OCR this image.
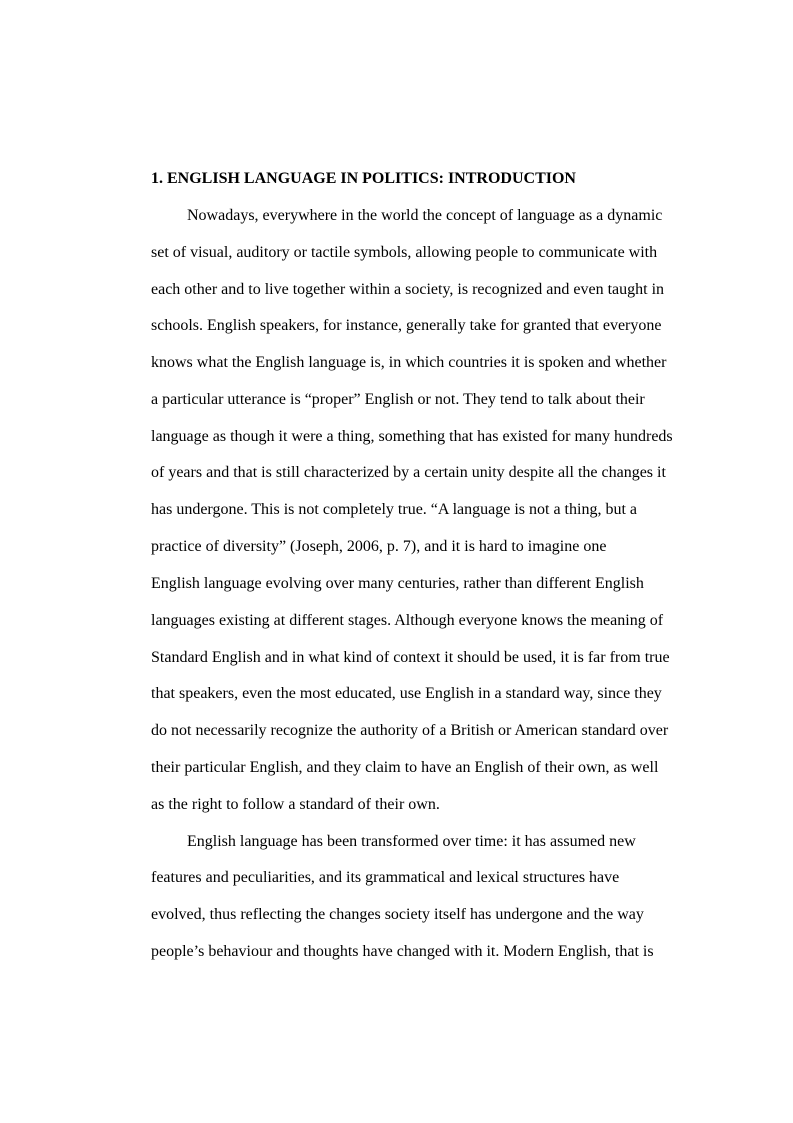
1. ENGLISH LANGUAGE IN POLITICS: INTRODUCTION

Nowadays, everywhere in the world the concept of language as a dynamic

set of visual, auditory or tactile symbols, allowing people to communicate with

each other and to live together within a society, is recognized and even taught in

schools. English speakers, for instance, generally take for granted that everyone

knows what the English language is, in which countries it is spoken and whether

a particular utterance is “proper” English or not. They tend to talk about their

language as though it were a thing, something that has existed for many hundreds

of years and that is still characterized by a certain unity despite all the changes it

has undergone. This is not completely true. “A language is not a thing, but a

practice of diversity” (Joseph, 2006, p. 7), and it is hard to imagine one

English language evolving over many centuries, rather than different English

languages existing at different stages. Although everyone knows the meaning of

Standard English and in what kind of context it should be used, it is far from true

that speakers, even the most educated, use English in a standard way, since they

do not necessarily recognize the authority of a British or American standard over

their particular English, and they claim to have an English of their own, as well

as the right to follow a standard of their own.

English language has been transformed over time: it has assumed new

features and peculiarities, and its grammatical and lexical structures have

evolved, thus reflecting the changes society itself has undergone and the way

people’s behaviour and thoughts have changed with it. Modern English, that is
